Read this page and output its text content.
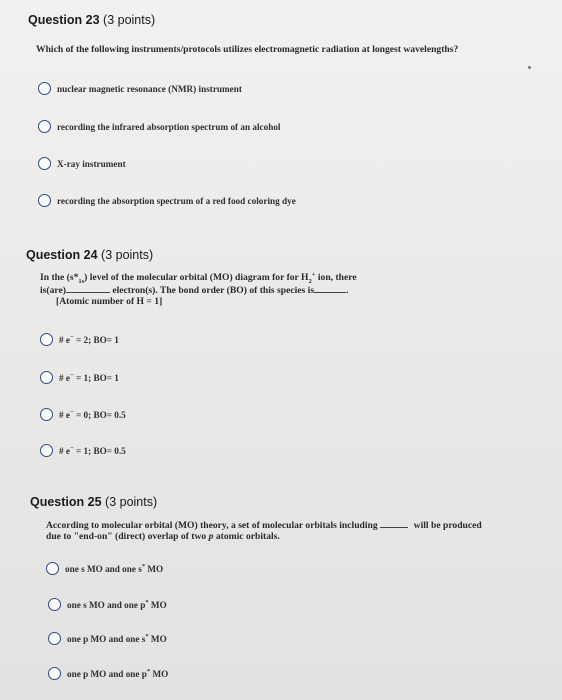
Question 23 (3 points)
Which of the following instruments/protocols utilizes electromagnetic radiation at longest wavelengths?
nuclear magnetic resonance (NMR) instrument
recording the infrared absorption spectrum of an alcohol
X-ray instrument
recording the absorption spectrum of a red food coloring dye
Question 24 (3 points)
In the $(s*_{1s})$ level of the molecular orbital (MO) diagram for for $H_2^+$ ion, there
is(are)	electron(s). The bond order (BO) of this species is	.
[Atomic number of H = 1]
# e− = 2; BO= 1
# e− = 1; BO= 1
# e− = 0; BO= 0.5
# e− = 1; BO= 0.5
Question 25 (3 points)
According to molecular orbital (MO) theory, a set of molecular orbitals including	will be produced
due to "end-on" (direct) overlap of two p atomic orbitals.
one s MO and one s* MO
one s MO and one p* MO
one p MO and one s* MO
one p MO and one p* MO
